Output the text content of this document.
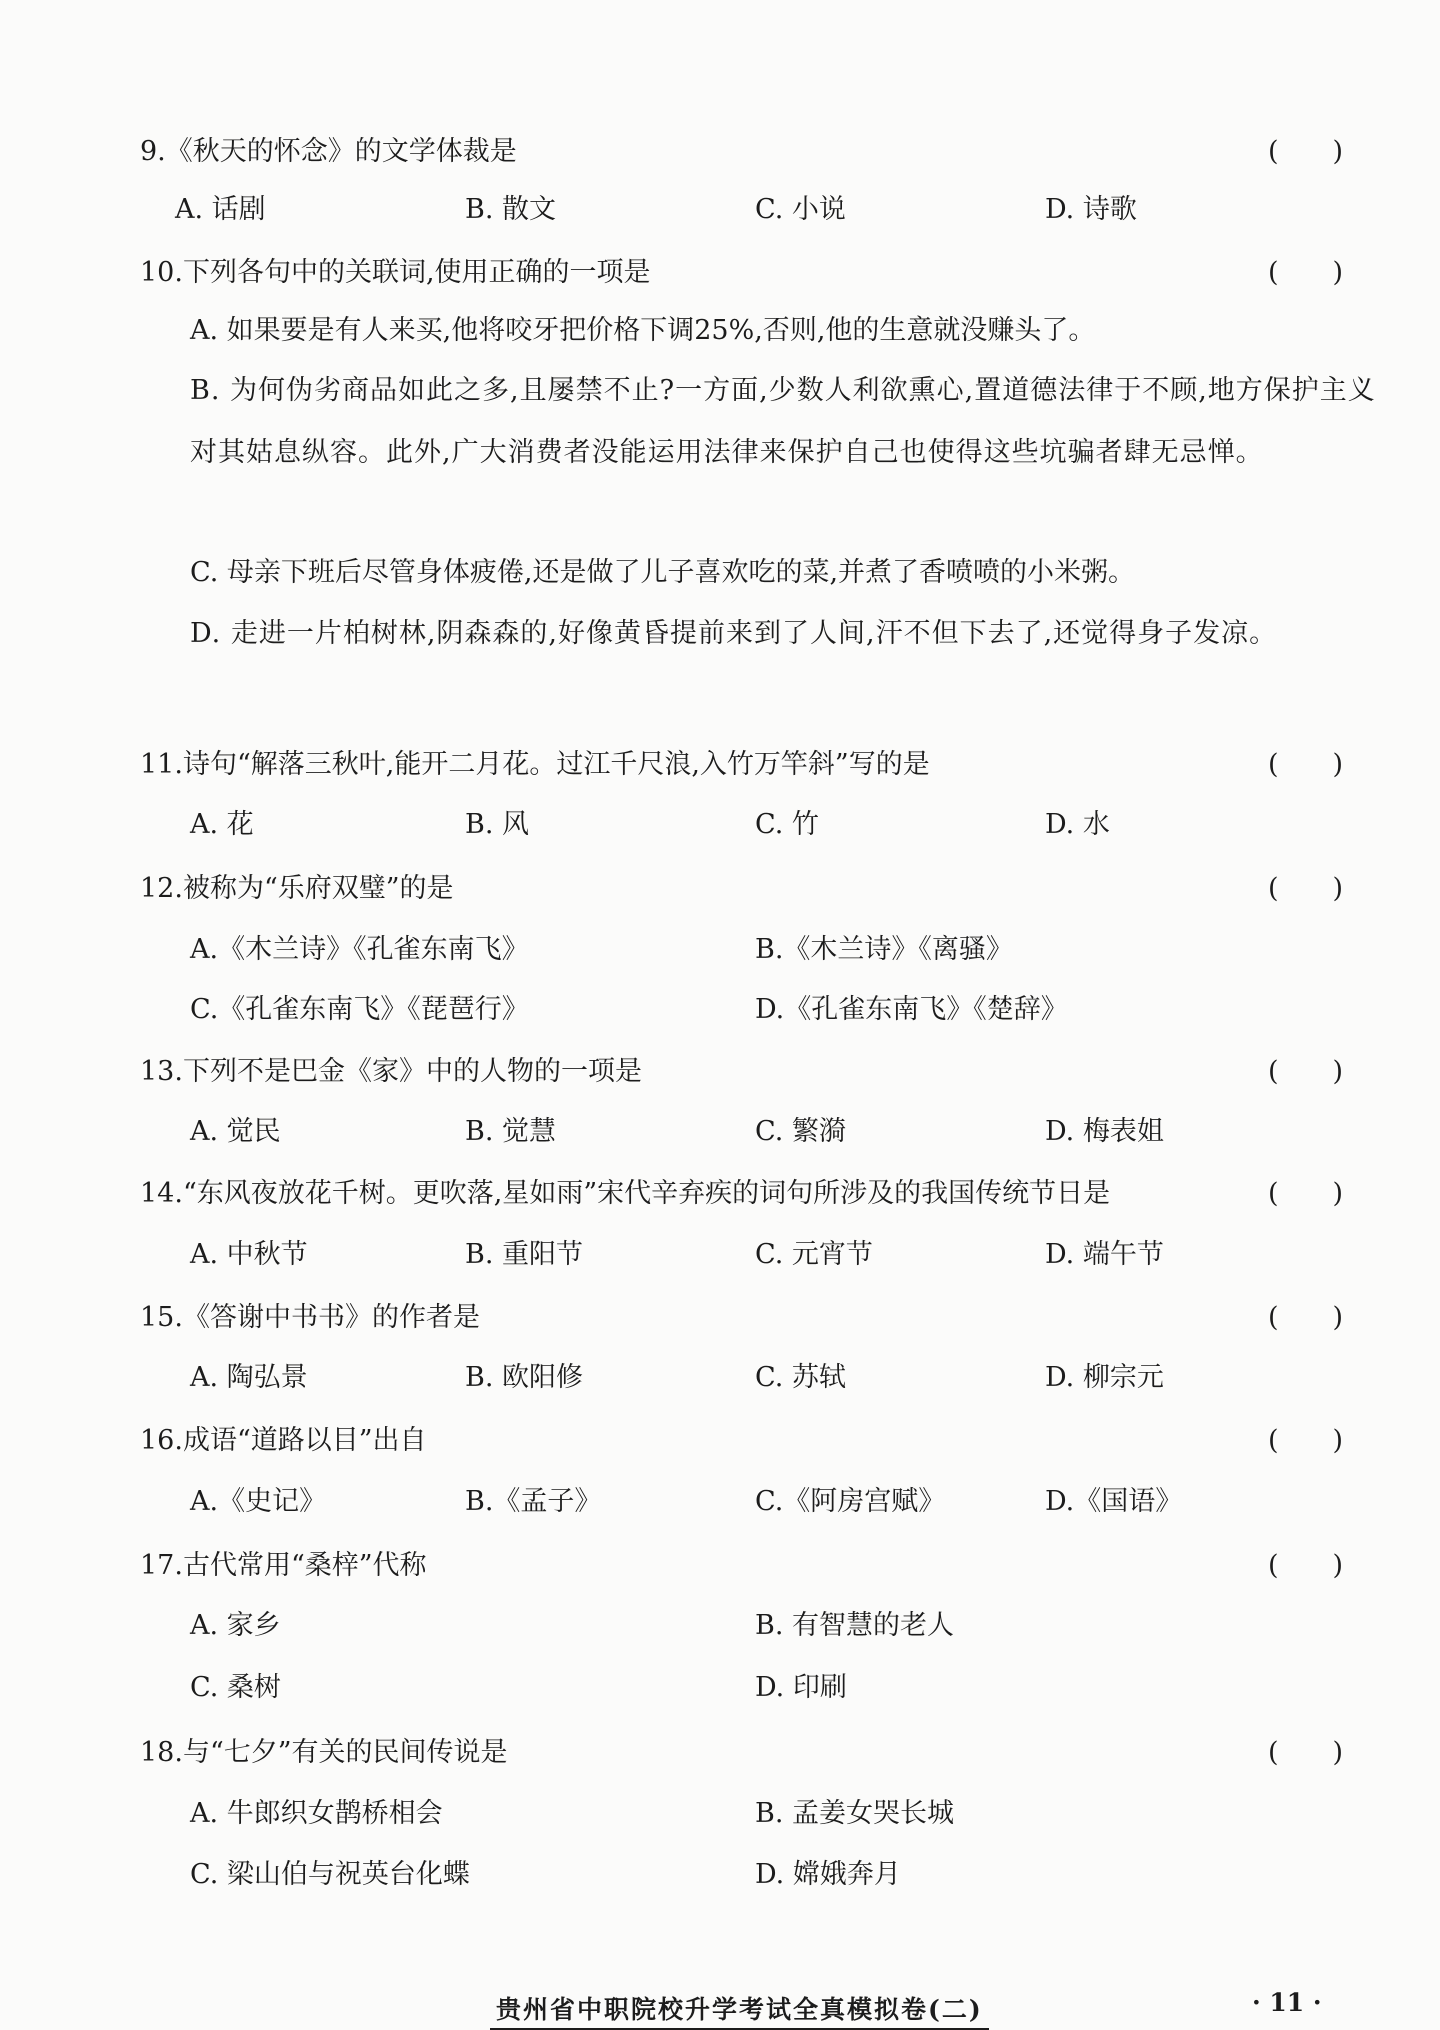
9.《秋天的怀念》的文学体裁是	(　　)
A. 话剧	B. 散文	C. 小说	D. 诗歌
10.下列各句中的关联词,使用正确的一项是	(　　)
A. 如果要是有人来买,他将咬牙把价格下调25%,否则,他的生意就没赚头了。
B. 为何伪劣商品如此之多,且屡禁不止?一方面,少数人利欲熏心,置道德法律于不顾,地方保护主义对其姑息纵容。此外,广大消费者没能运用法律来保护自己也使得这些坑骗者肆无忌惮。
C. 母亲下班后尽管身体疲倦,还是做了儿子喜欢吃的菜,并煮了香喷喷的小米粥。
D. 走进一片柏树林,阴森森的,好像黄昏提前来到了人间,汗不但下去了,还觉得身子发凉。
11.诗句“解落三秋叶,能开二月花。过江千尺浪,入竹万竿斜”写的是	(　　)
A. 花	B. 风	C. 竹	D. 水
12.被称为“乐府双璧”的是	(　　)
A.《木兰诗》《孔雀东南飞》	B.《木兰诗》《离骚》
C.《孔雀东南飞》《琵琶行》	D.《孔雀东南飞》《楚辞》
13.下列不是巴金《家》中的人物的一项是	(　　)
A. 觉民	B. 觉慧	C. 繁漪	D. 梅表姐
14.“东风夜放花千树。更吹落,星如雨”宋代辛弃疾的词句所涉及的我国传统节日是	(　　)
A. 中秋节	B. 重阳节	C. 元宵节	D. 端午节
15.《答谢中书书》的作者是	(　　)
A. 陶弘景	B. 欧阳修	C. 苏轼	D. 柳宗元
16.成语“道路以目”出自	(　　)
A.《史记》	B.《孟子》	C.《阿房宫赋》	D.《国语》
17.古代常用“桑梓”代称	(　　)
A. 家乡	B. 有智慧的老人
C. 桑树	D. 印刷
18.与“七夕”有关的民间传说是	(　　)
A. 牛郎织女鹊桥相会	B. 孟姜女哭长城
C. 梁山伯与祝英台化蝶	D. 嫦娥奔月
贵州省中职院校升学考试全真模拟卷(二)	· 11 ·
